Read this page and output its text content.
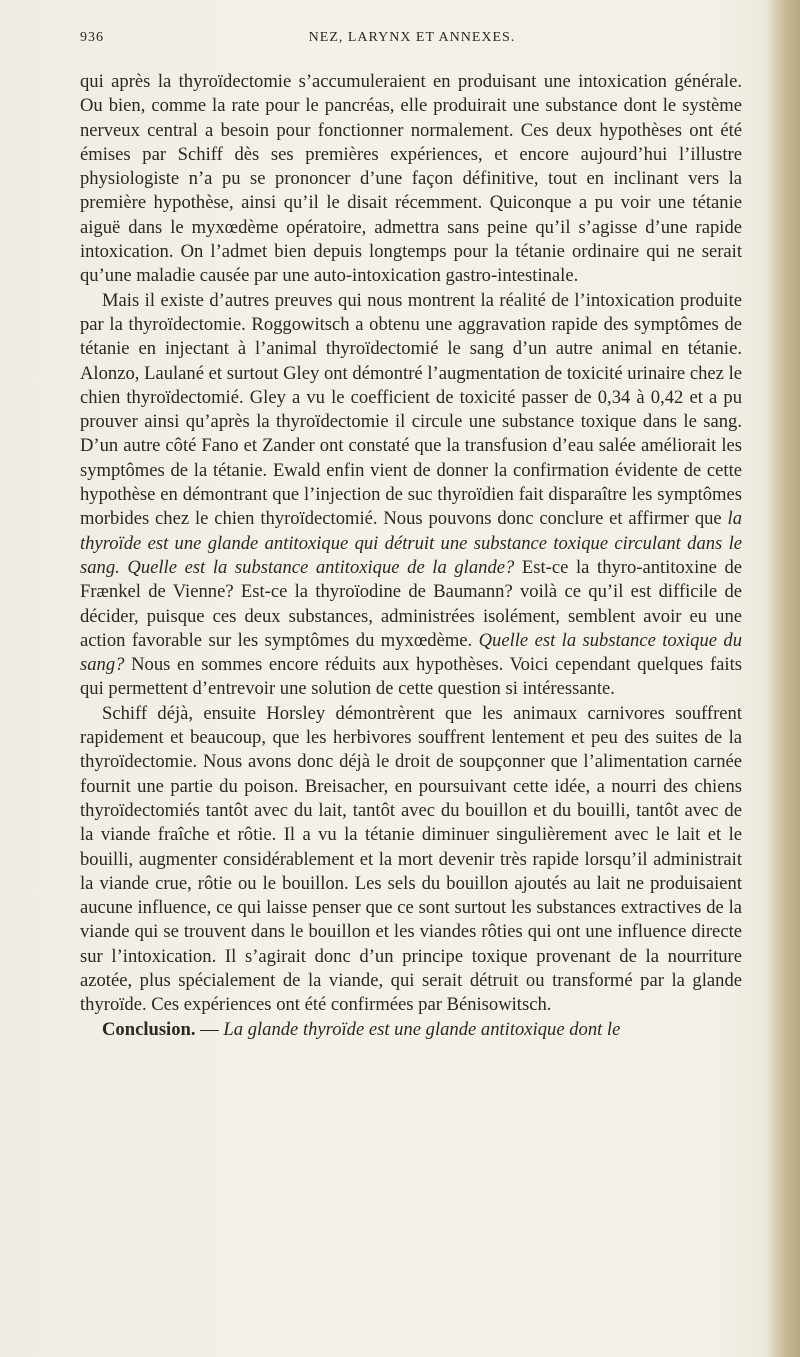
NEZ, LARYNX ET ANNEXES.
936

qui après la thyroïdectomie s’accumuleraient en produisant une intoxication générale. Ou bien, comme la rate pour le pancréas, elle produirait une substance dont le système nerveux central a besoin pour fonctionner normalement. Ces deux hypothèses ont été émises par Schiff dès ses premières expériences, et encore aujourd’hui l’illustre physiologiste n’a pu se prononcer d’une façon définitive, tout en inclinant vers la première hypothèse, ainsi qu’il le disait récemment. Quiconque a pu voir une tétanie aiguë dans le myxœdème opératoire, admettra sans peine qu’il s’agisse d’une rapide intoxication. On l’admet bien depuis longtemps pour la tétanie ordinaire qui ne serait qu’une maladie causée par une auto-intoxication gastro-intestinale.

Mais il existe d’autres preuves qui nous montrent la réalité de l’intoxication produite par la thyroïdectomie. Roggowitsch a obtenu une aggravation rapide des symptômes de tétanie en injectant à l’animal thyroïdectomié le sang d’un autre animal en tétanie. Alonzo, Laulané et surtout Gley ont démontré l’augmentation de toxicité urinaire chez le chien thyroïdectomié. Gley a vu le coefficient de toxicité passer de 0,34 à 0,42 et a pu prouver ainsi qu’après la thyroïdectomie il circule une substance toxique dans le sang. D’un autre côté Fano et Zander ont constaté que la transfusion d’eau salée améliorait les symptômes de la tétanie. Ewald enfin vient de donner la confirmation évidente de cette hypothèse en démontrant que l’injection de suc thyroïdien fait disparaître les symptômes morbides chez le chien thyroïdectomié. Nous pouvons donc conclure et affirmer que la thyroïde est une glande antitoxique qui détruit une substance toxique circulant dans le sang. Quelle est la substance antitoxique de la glande? Est-ce la thyro-antitoxine de Frænkel de Vienne? Est-ce la thyroïodine de Baumann? voilà ce qu’il est difficile de décider, puisque ces deux substances, administrées isolément, semblent avoir eu une action favorable sur les symptômes du myxœdème. Quelle est la substance toxique du sang? Nous en sommes encore réduits aux hypothèses. Voici cependant quelques faits qui permettent d’entrevoir une solution de cette question si intéressante.

Schiff déjà, ensuite Horsley démontrèrent que les animaux carnivores souffrent rapidement et beaucoup, que les herbivores souffrent lentement et peu des suites de la thyroïdectomie. Nous avons donc déjà le droit de soupçonner que l’alimentation carnée fournit une partie du poison. Breisacher, en poursuivant cette idée, a nourri des chiens thyroïdectomiés tantôt avec du lait, tantôt avec du bouillon et du bouilli, tantôt avec de la viande fraîche et rôtie. Il a vu la tétanie diminuer singulièrement avec le lait et le bouilli, augmenter considérablement et la mort devenir très rapide lorsqu’il administrait la viande crue, rôtie ou le bouillon. Les sels du bouillon ajoutés au lait ne produisaient aucune influence, ce qui laisse penser que ce sont surtout les substances extractives de la viande qui se trouvent dans le bouillon et les viandes rôties qui ont une influence directe sur l’intoxication. Il s’agirait donc d’un principe toxique provenant de la nourriture azotée, plus spécialement de la viande, qui serait détruit ou transformé par la glande thyroïde. Ces expériences ont été confirmées par Bénisowitsch.

Conclusion. — La glande thyroïde est une glande antitoxique dont le
